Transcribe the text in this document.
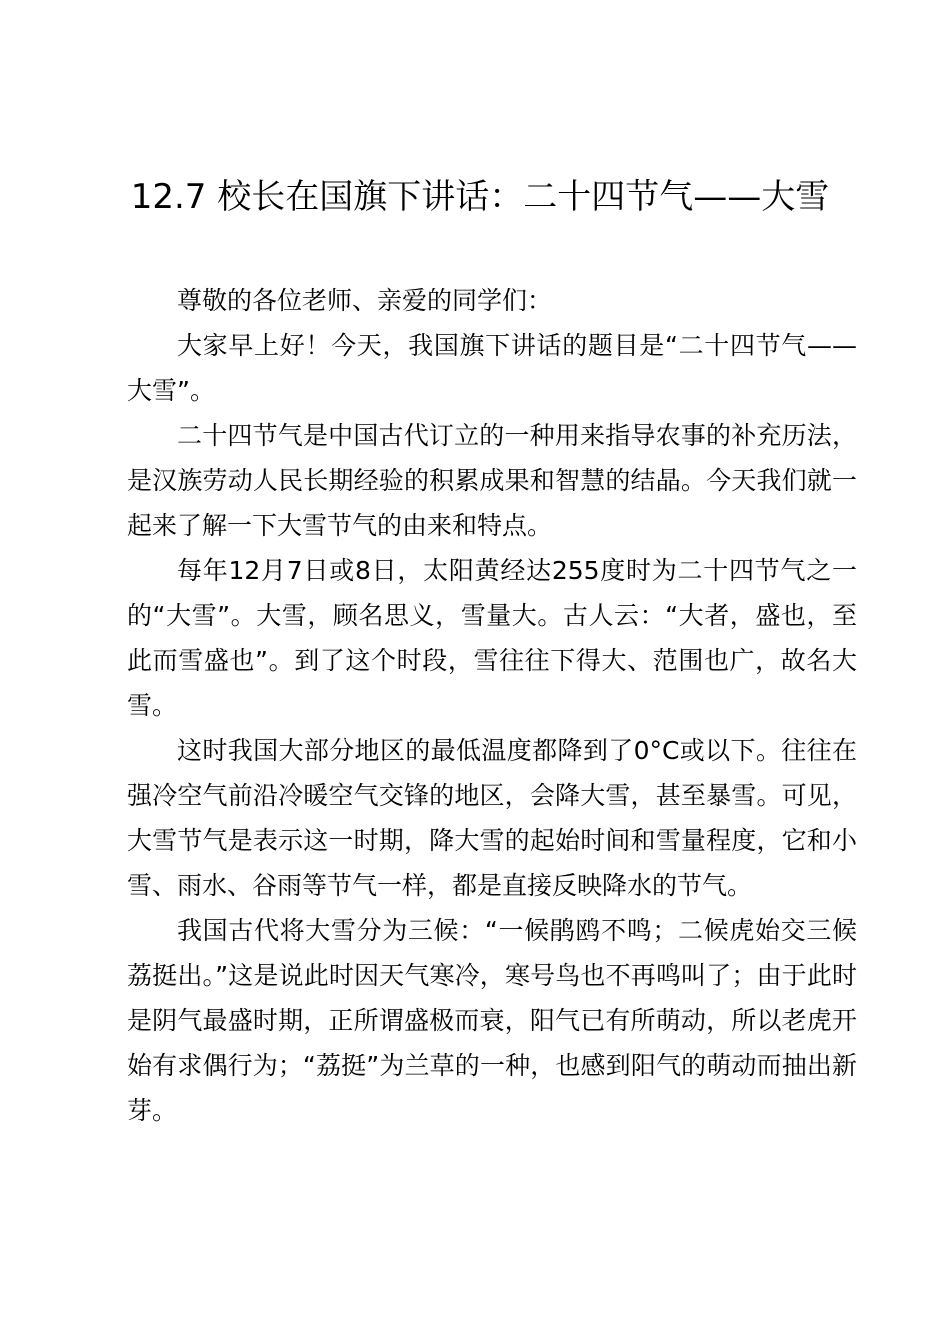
12.7 校长在国旗下讲话：二十四节气——大雪

尊敬的各位老师、亲爱的同学们：

大家早上好！今天，我国旗下讲话的题目是“二十四节气——大雪”。

二十四节气是中国古代订立的一种用来指导农事的补充历法，是汉族劳动人民长期经验的积累成果和智慧的结晶。今天我们就一起来了解一下大雪节气的由来和特点。

每年12月7日或8日，太阳黄经达255度时为二十四节气之一的“大雪”。大雪，顾名思义，雪量大。古人云：“大者，盛也，至此而雪盛也”。到了这个时段，雪往往下得大、范围也广，故名大雪。

这时我国大部分地区的最低温度都降到了0°C或以下。往往在强冷空气前沿冷暖空气交锋的地区，会降大雪，甚至暴雪。可见，大雪节气是表示这一时期，降大雪的起始时间和雪量程度，它和小雪、雨水、谷雨等节气一样，都是直接反映降水的节气。

我国古代将大雪分为三候：“一候鹃鸥不鸣；二候虎始交三候荔挺出。”这是说此时因天气寒冷，寒号鸟也不再鸣叫了；由于此时是阴气最盛时期，正所谓盛极而衰，阳气已有所萌动，所以老虎开始有求偶行为；“荔挺”为兰草的一种，也感到阳气的萌动而抽出新芽。
